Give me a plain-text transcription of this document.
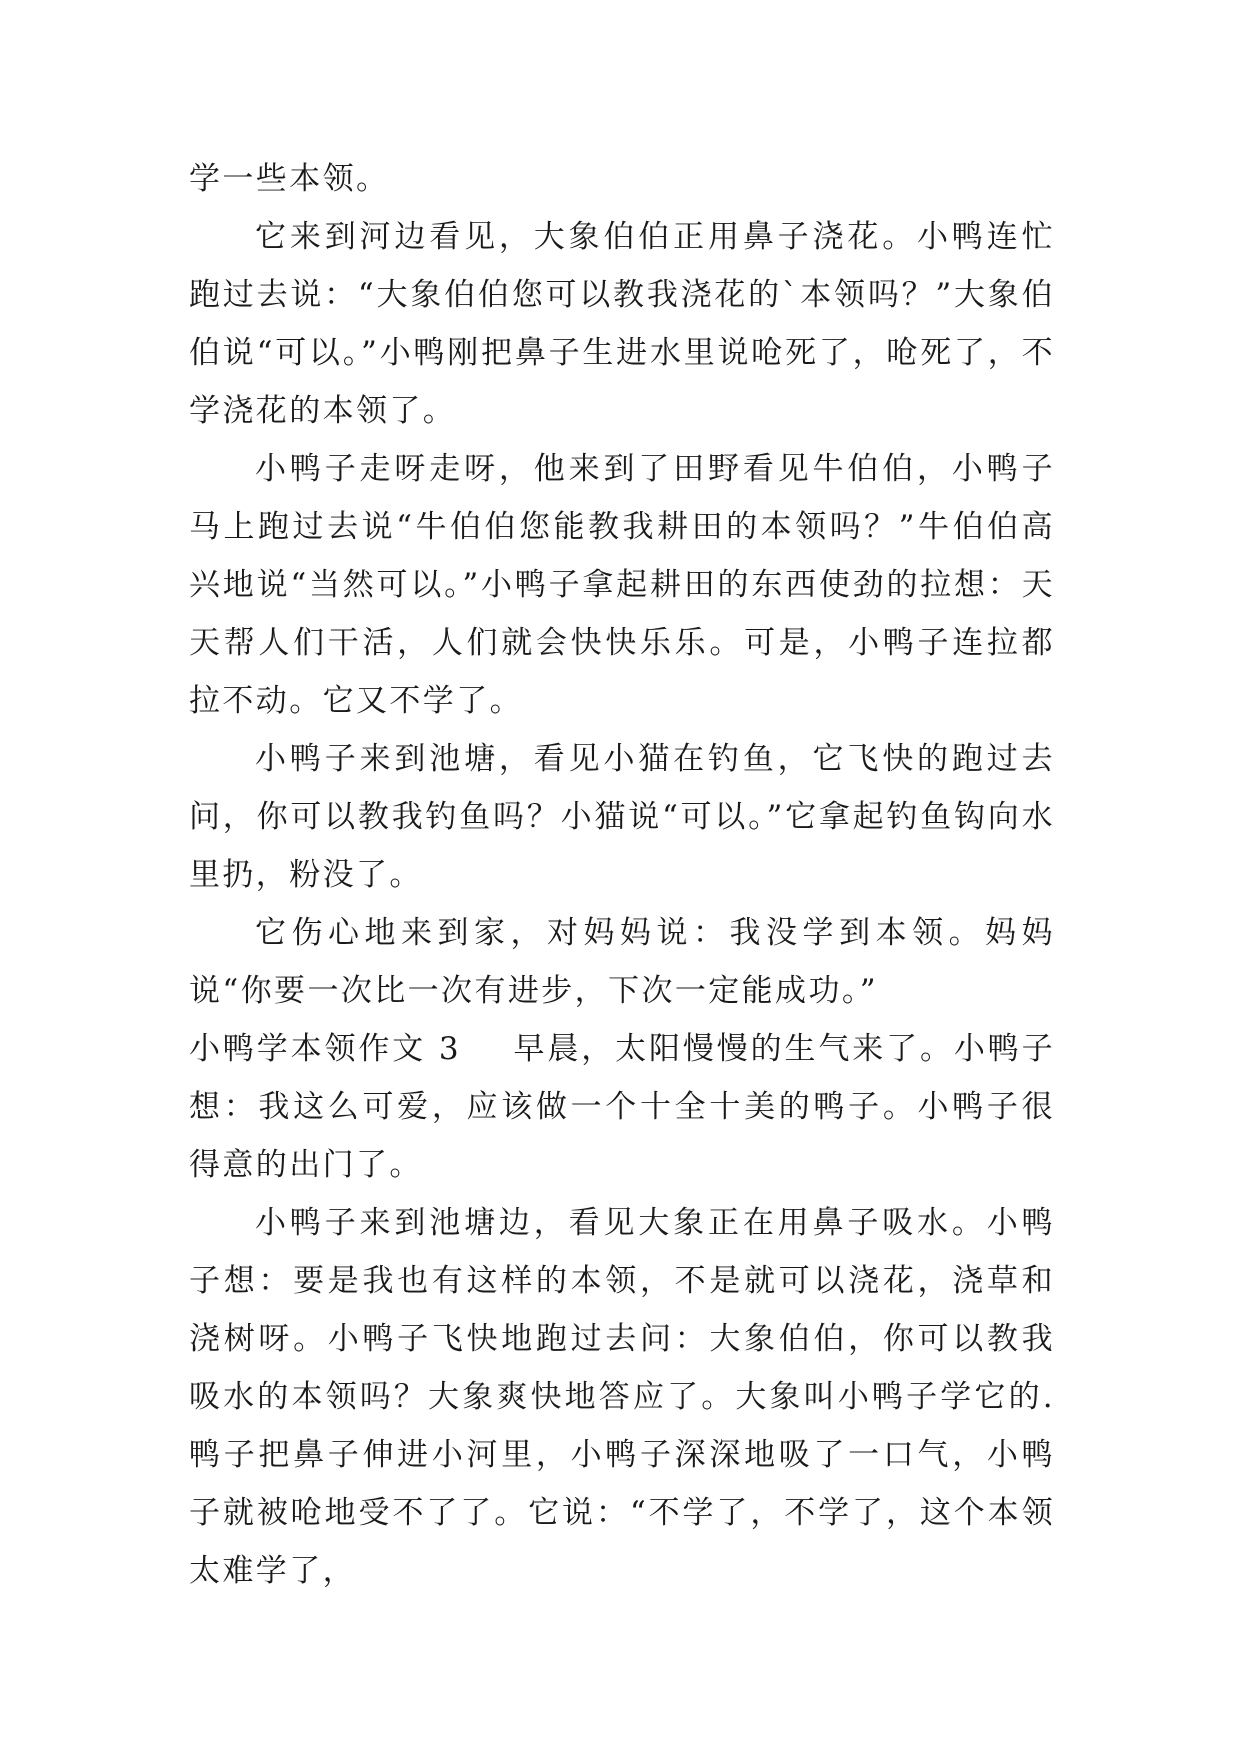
学一些本领。

它来到河边看见，大象伯伯正用鼻子浇花。小鸭连忙跑过去说：“大象伯伯您可以教我浇花的`本领吗？”大象伯伯说“可以。”小鸭刚把鼻子生进水里说呛死了，呛死了，不学浇花的本领了。

小鸭子走呀走呀，他来到了田野看见牛伯伯，小鸭子马上跑过去说“牛伯伯您能教我耕田的本领吗？”牛伯伯高兴地说“当然可以。”小鸭子拿起耕田的东西使劲的拉想：天天帮人们干活，人们就会快快乐乐。可是，小鸭子连拉都拉不动。它又不学了。

小鸭子来到池塘，看见小猫在钓鱼，它飞快的跑过去问，你可以教我钓鱼吗？小猫说“可以。”它拿起钓鱼钩向水里扔，粉没了。

它伤心地来到家，对妈妈说：我没学到本领。妈妈说“你要一次比一次有进步，下次一定能成功。”

小鸭学本领作文 3 早晨，太阳慢慢的生气来了。小鸭子想：我这么可爱，应该做一个十全十美的鸭子。小鸭子很得意的出门了。

小鸭子来到池塘边，看见大象正在用鼻子吸水。小鸭子想：要是我也有这样的本领，不是就可以浇花，浇草和浇树呀。小鸭子飞快地跑过去问：大象伯伯，你可以教我吸水的本领吗？大象爽快地答应了。大象叫小鸭子学它的.鸭子把鼻子伸进小河里，小鸭子深深地吸了一口气，小鸭子就被呛地受不了了。它说：“不学了，不学了，这个本领太难学了，
